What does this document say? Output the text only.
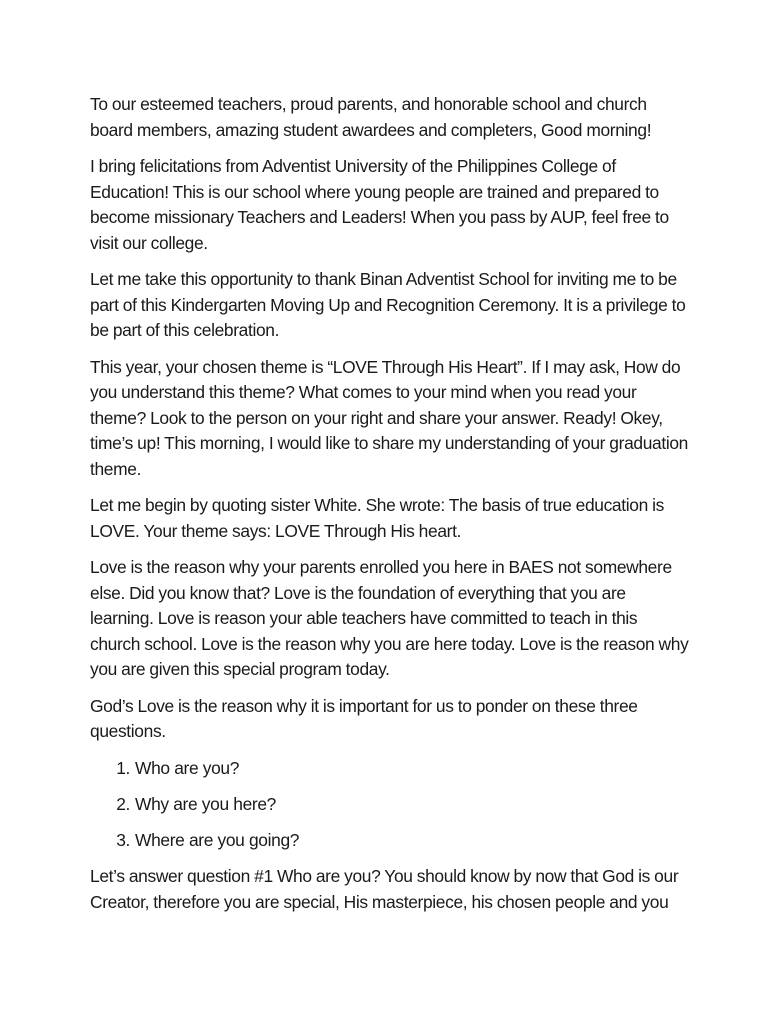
To our esteemed teachers, proud parents, and honorable school and church board members, amazing student awardees and completers, Good morning!

I bring felicitations from Adventist University of the Philippines College of Education! This is our school where young people are trained and prepared to become missionary Teachers and Leaders! When you pass by AUP, feel free to visit our college.

Let me take this opportunity to thank Binan Adventist School for inviting me to be part of this Kindergarten Moving Up and Recognition Ceremony. It is a privilege to be part of this celebration.

This year, your chosen theme is “LOVE Through His Heart”. If I may ask, How do you understand this theme? What comes to your mind when you read your theme? Look to the person on your right and share your answer. Ready! Okey, time’s up! This morning, I would like to share my understanding of your graduation theme.

Let me begin by quoting sister White. She wrote: The basis of true education is LOVE. Your theme says: LOVE Through His heart.

Love is the reason why your parents enrolled you here in BAES not somewhere else. Did you know that? Love is the foundation of everything that you are learning. Love is reason your able teachers have committed to teach in this church school. Love is the reason why you are here today. Love is the reason why you are given this special program today.

God’s Love is the reason why it is important for us to ponder on these three questions.

1. Who are you?
2. Why are you here?
3. Where are you going?

Let’s answer question #1 Who are you? You should know by now that God is our Creator, therefore you are special, His masterpiece, his chosen people and you
